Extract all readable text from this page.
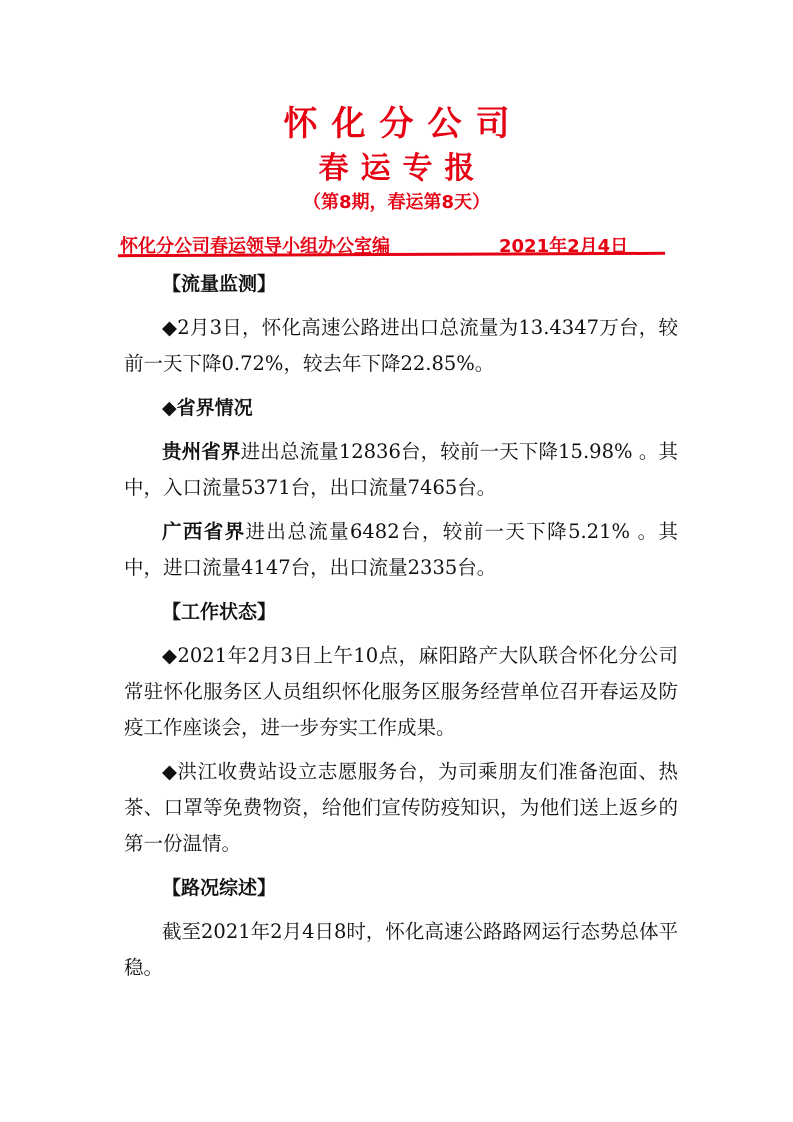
怀化分公司
春运专报
（第8期，春运第8天）
怀化分公司春运领导小组办公室编	2021年2月4日

【流量监测】

◆2月3日，怀化高速公路进出口总流量为13.4347万台，较前一天下降0.72%，较去年下降22.85%。

◆省界情况

贵州省界进出总流量12836台，较前一天下降15.98% 。其中，入口流量5371台，出口流量7465台。

广西省界进出总流量6482台，较前一天下降5.21% 。其中，进口流量4147台，出口流量2335台。

【工作状态】

◆2021年2月3日上午10点，麻阳路产大队联合怀化分公司常驻怀化服务区人员组织怀化服务区服务经营单位召开春运及防疫工作座谈会，进一步夯实工作成果。

◆洪江收费站设立志愿服务台，为司乘朋友们准备泡面、热茶、口罩等免费物资，给他们宣传防疫知识，为他们送上返乡的第一份温情。

【路况综述】

截至2021年2月4日8时，怀化高速公路路网运行态势总体平稳。
